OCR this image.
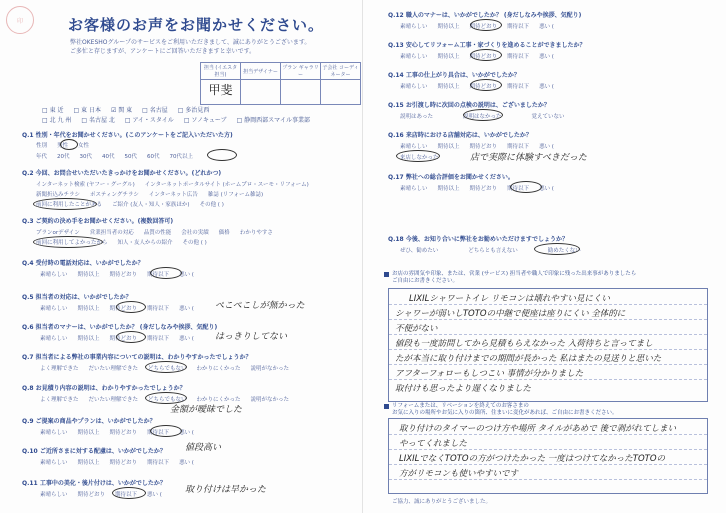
印	お客様のお声をお聞かせください。
弊社OKESHOグループのサービスをご利用いただきまして、誠にありがとうございます。
ご多忙と存じますが、アンケートにご回答いただきますと幸いです。
担当 (イエスタ担当)	担当デザイナー	プラン ギャラリー	子会社 コーディネーター
甲斐			
□ 東 近 □ 東 日本 ☑ 関 東 □ 名古屋 □ 多治見西
□ 北 九 州 □ 名古屋 北 □ アイ・スタイル □ ソノキューブ □ 静岡西部スマイル事業部
Q.1 性別・年代をお聞かせください。(このアンケートをご記入いただいた方)
性別 男性 女性
年代 20代 30代 40代 50代 60代 70代以上
Q.2 今回、お問合せいただいたきっかけをお聞かせください。(どれかつ)
インターネット検索 (ヤフー・グーグル) インターネットポータルサイト (ホームプロ・スーモ・リフォーム)
新聞折込みチラシ ポスティングチラシ インターネット広告 雑誌 (リフォーム雑誌)
前回に利用したことがある ご紹介 (友人・知人・家族ほか) その他 ( )
Q.3 ご契約の決め手をお聞かせください。(複数回答可)
プランorデザイン 営業担当者の対応 品質の性能 会社の実績 価格 わかりやすさ
前回に利用してよかったから 知人・友人からの紹介 その他 ( )
Q.4 受付時の電話対応は、いかがでしたか？
素晴らしい 期待以上 期待どおり 期待以下 悪い (
Q.5 担当者の対応は、いかがでしたか？
素晴らしい 期待以上 期待どおり 期待以下 悪い (	ぺこぺこしが無かった
Q.6 担当者のマナーは、いかがでしたか？ (身だしなみや挨拶、気配り)
素晴らしい 期待以上 期待どおり 期待以下 悪い (	はっきりしてない
Q.7 担当者による弊社の事業内容についての説明は、わかりやすかったでしょうか？
よく理解できた だいたい理解できた どちらでもない わかりにくかった 説明がなかった
Q.8 お見積り内容の説明は、わかりやすかったでしょうか？
よく理解できた だいたい理解できた どちらでもない わかりにくかった 説明がなかった
金額が曖昧でした
Q.9 ご提案の商品やプランは、いかがでしたか？
素晴らしい 期待以上 期待どおり 期待以下 悪い (
Q.10 ご近所さまに対する配慮は、いかがでしたか？
素晴らしい 期待以上 期待どおり 期待以下 悪い (
値段高い
Q.11 工事中の美化・後片付けは、いかがでしたか？
素晴らしい 期待どおり 期待以下 悪い (	取り付けは早かった
Q.12 職人のマナーは、いかがでしたか？ (身だしなみや挨拶、気配り)
素晴らしい 期待以上 期待どおり 期待以下 悪い (
Q.13 安心してリフォーム工事・家づくりを進めることができましたか？
素晴らしい 期待以上 期待どおり 期待以下 悪い (
Q.14 工事の仕上がり具合は、いかがでしたか？
素晴らしい 期待以上 期待どおり 期待以下 悪い (
Q.15 お引渡し時に次回の点検の説明は、ございましたか？
説明はあった	説明はなかった	覚えていない
Q.16 来店時における店舗対応は、いかがでしたか？
素晴らしい 期待以上 期待どおり 期待以下 悪い (
来店しなかった	店で実際に体験すべきだった
Q.17 弊社への総合評価をお聞かせください。
素晴らしい 期待以上 期待どおり 期待以下 悪い (
Q.18 今後、お知り合いに弊社をお勧めいただけますでしょうか？
ぜひ、勧めたい	どちらとも言えない	勧めたくない
お店の雰囲気や印象、または、営業 (サービス) 担当者や職人で印象に残った出来事がありましたら
ご自由にお書きください。
LIXILシャワートイレ リモコンは壊れやすい見にくい
シャワーが弱いしTOTOの中継で便座は座りにくい 全体的に
不便がない
値段も一度訪問してから見積もらえなかった 入荷待ちと言ってまし
たが本当に取り付けまでの期間が長かった 私はまたの見送りと思いた
アフターフォローもしつこい 事情が分かりました
取付けも思ったより遅くなりました
リフォームまたは、リベーションを終えてのお客さまの
お気に入りの場所やお気に入りの箇所、住まいに変化があれば、ご自由にお書きください。
取り付けのタイマーのつけ方や場所 タイルがあめで 後で剥がれてしまい
やってくれました
LIXILでなくTOTOの方がつけたかった 一度はつけてなかったTOTOの
方がリモコンも使いやすいです
ご協力、誠にありがとうございました。
